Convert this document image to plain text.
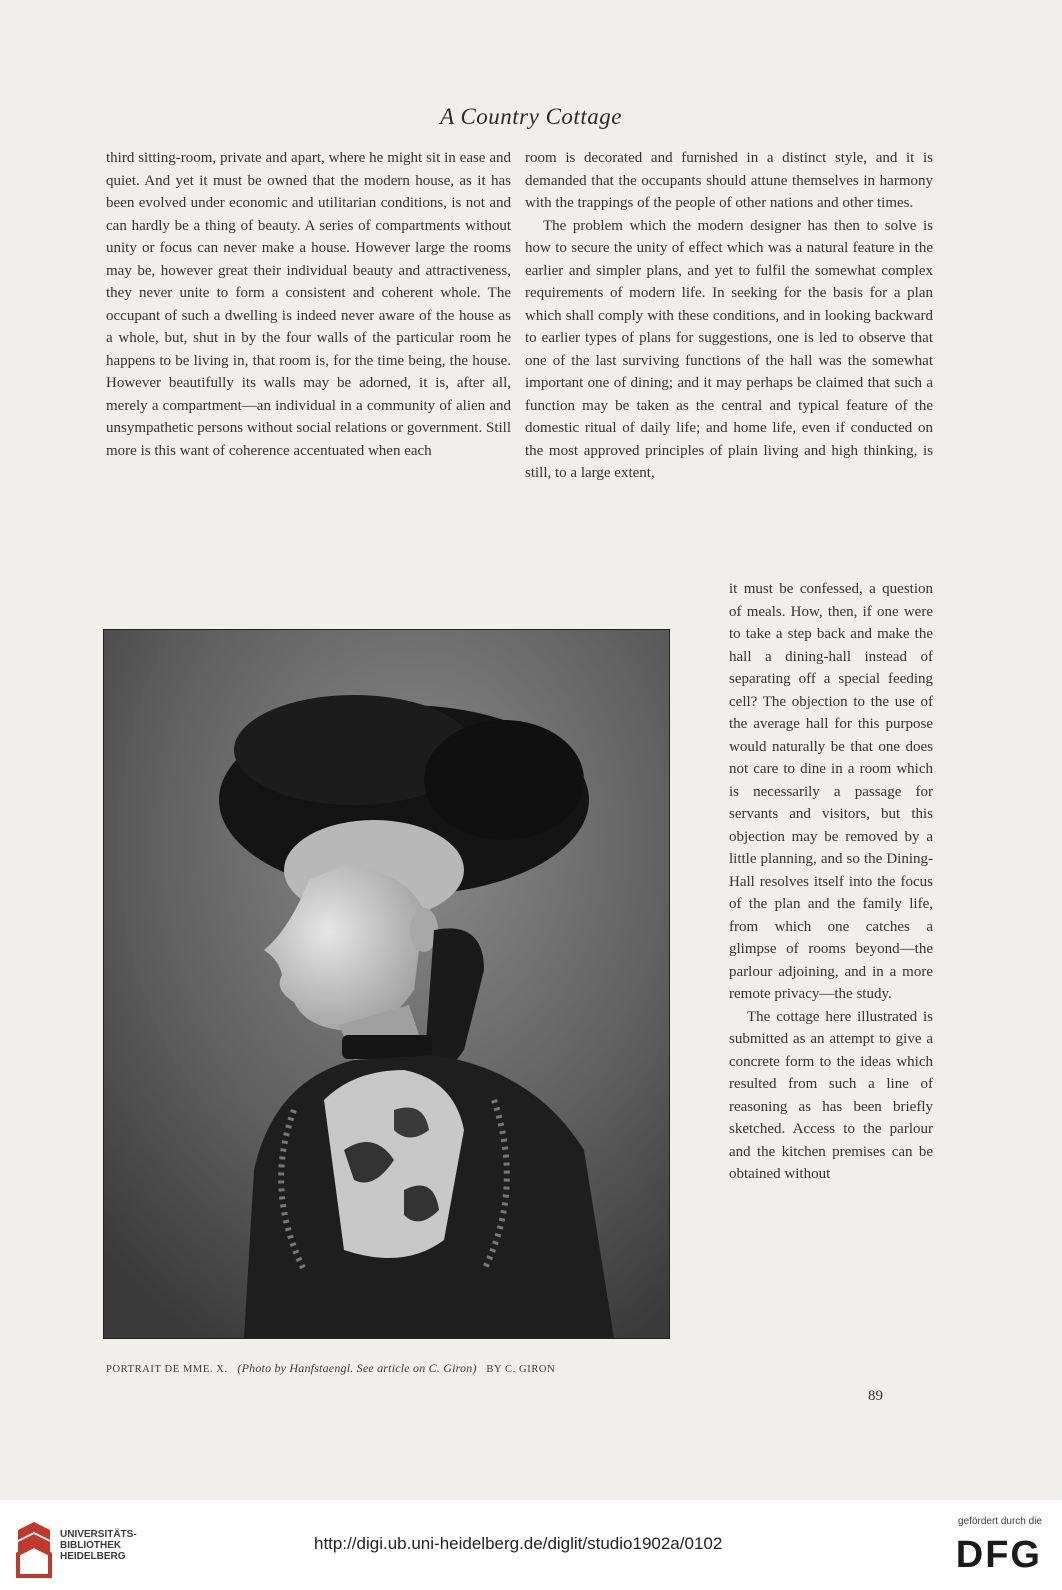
A Country Cottage

third sitting-room, private and apart, where he might sit in ease and quiet. And yet it must be owned that the modern house, as it has been evolved under economic and utilitarian conditions, is not and can hardly be a thing of beauty. A series of compartments without unity or focus can never make a house. However large the rooms may be, however great their individual beauty and attractiveness, they never unite to form a consistent and coherent whole. The occupant of such a dwelling is indeed never aware of the house as a whole, but, shut in by the four walls of the particular room he happens to be living in, that room is, for the time being, the house. However beautifully its walls may be adorned, it is, after all, merely a compartment—an individual in a community of alien and unsympathetic persons without social relations or government. Still more is this want of coherence accentuated when each

room is decorated and furnished in a distinct style, and it is demanded that the occupants should attune themselves in harmony with the trappings of the people of other nations and other times.

The problem which the modern designer has then to solve is how to secure the unity of effect which was a natural feature in the earlier and simpler plans, and yet to fulfil the somewhat complex requirements of modern life. In seeking for the basis for a plan which shall comply with these conditions, and in looking backward to earlier types of plans for suggestions, one is led to observe that one of the last surviving functions of the hall was the somewhat important one of dining; and it may perhaps be claimed that such a function may be taken as the central and typical feature of the domestic ritual of daily life; and home life, even if conducted on the most approved principles of plain living and high thinking, is still, to a large extent,

it must be confessed, a question of meals. How, then, if one were to take a step back and make the hall a dining-hall instead of separating off a special feeding cell? The objection to the use of the average hall for this purpose would naturally be that one does not care to dine in a room which is necessarily a passage for servants and visitors, but this objection may be removed by a little planning, and so the Dining-Hall resolves itself into the focus of the plan and the family life, from which one catches a glimpse of rooms beyond—the parlour adjoining, and in a more remote privacy—the study.

The cottage here illustrated is submitted as an attempt to give a concrete form to the ideas which resulted from such a line of reasoning as has been briefly sketched. Access to the parlour and the kitchen premises can be obtained without

PORTRAIT DE MME. X. (Photo by Hanfstaengl. See article on C. Giron) BY C. GIRON
89
UNIVERSITÄTS-
BIBLIOTHEK
HEIDELBERG
http://digi.ub.uni-heidelberg.de/diglit/studio1902a/0102
gefördert durch die
DFG
